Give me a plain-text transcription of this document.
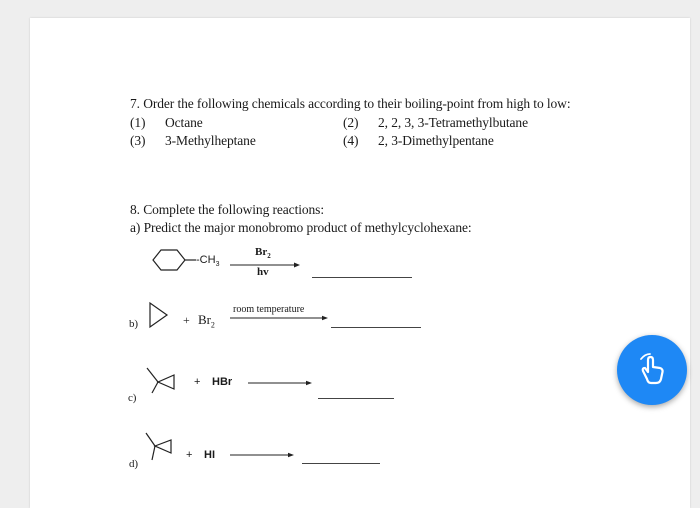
7. Order the following chemicals according to their boiling-point from high to low:
(1) Octane	(2) 2, 2, 3, 3-Tetramethylbutane
(3) 3-Methylheptane	(4) 2, 3-Dimethylpentane
8. Complete the following reactions:
a) Predict the major monobromo product of methylcyclohexane:
$-CH_3$
$Br_2$
hv
b)	+ $Br_2$
room temperature
c)
+ HBr
d)
+ HI
